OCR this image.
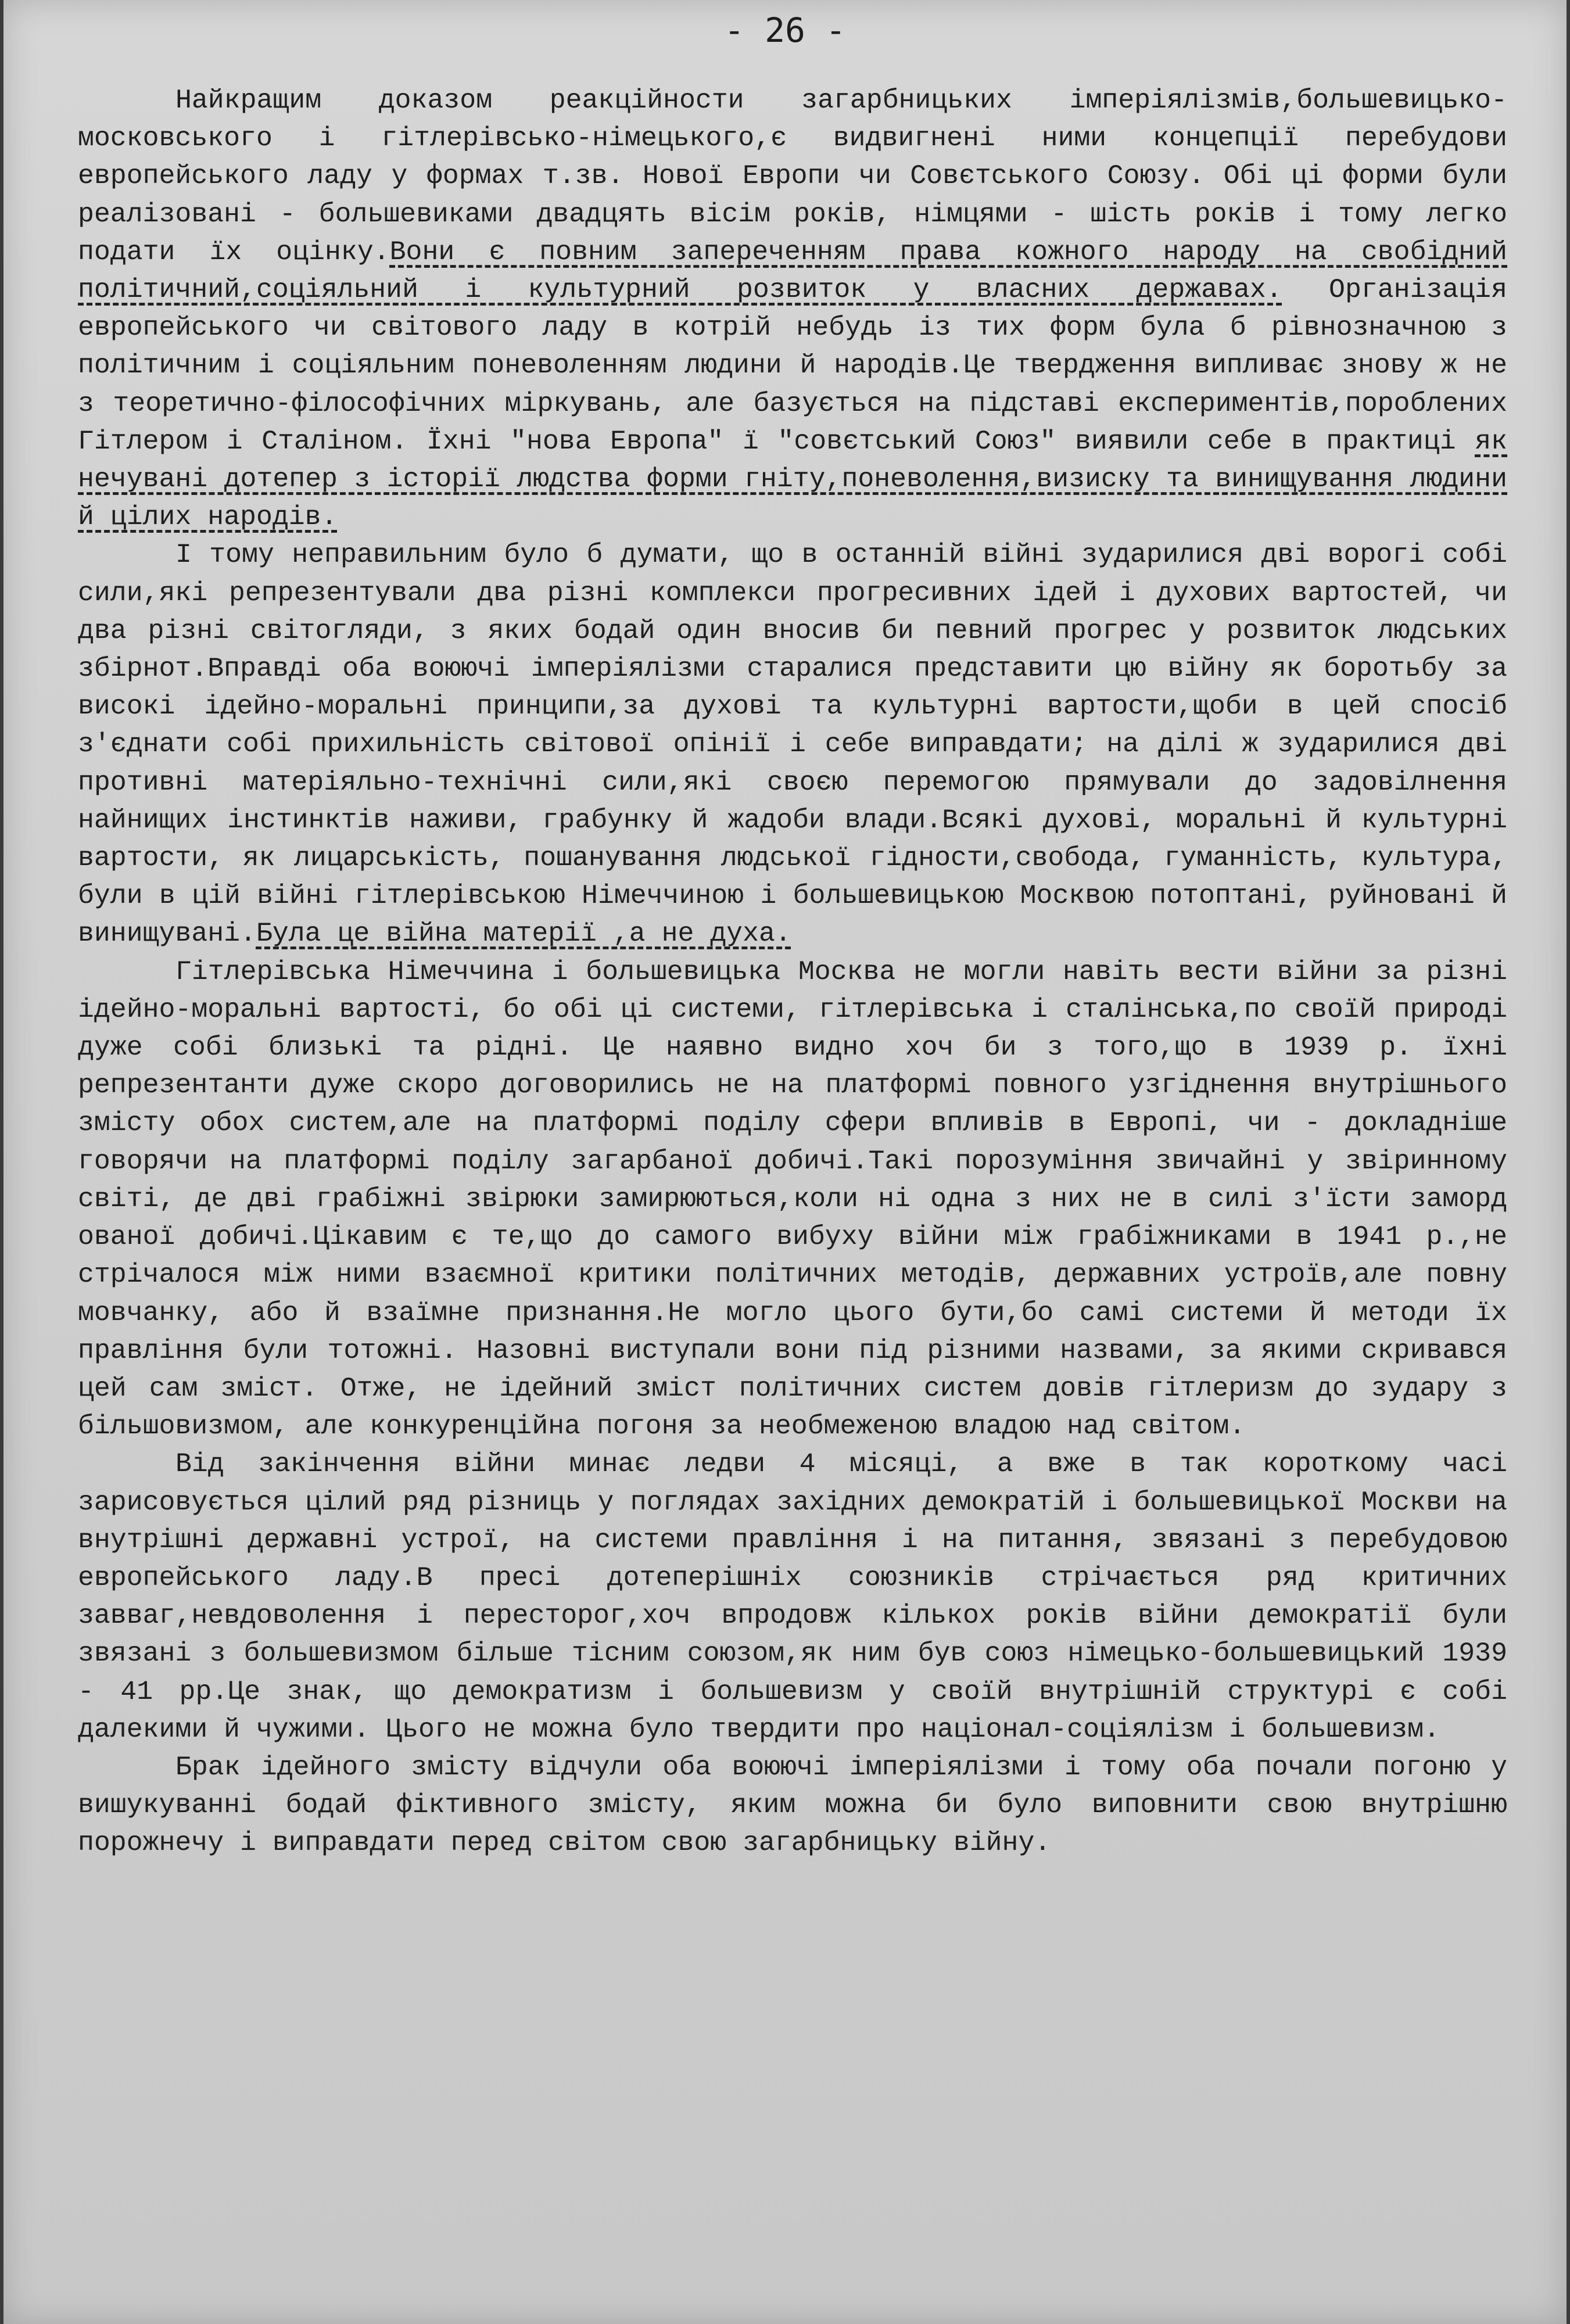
- 26 -

Найкращим доказом реакційности загарбницьких імперіялізмів,большевицько-московського і гітлерівсько-німецького,є видвигнені ними концепції перебудови европейського ладу у формах т.зв. Нової Европи чи Совєтського Союзу. Обі ці форми були реалізовані - большевиками двадцять вісім років, німцями - шість років і тому легко подати їх оцінку.Вони є повним запереченням права кожного народу на свобідний політичний,соціяльний і культурний розвиток у власних державах. Організація европейського чи світового ладу в котрій небудь із тих форм була б рівнозначною з політичним і соціяльним поневоленням людини й народів.Це твердження випливає знову ж не з теоретично-філософічних міркувань, але базується на підставі експериментів,пороблених Гітлером і Сталіном. Їхні "нова Европа" ї "совєтський Союз" виявили себе в практиці як нечувані дотепер з історії людства форми гніту,поневолення,визиску та винищування людини й цілих народів.

І тому неправильним було б думати, що в останній війні зударилися дві ворогі собі сили,які репрезентували два різні комплекси прогресивних ідей і духових вартостей, чи два різні світогляди, з яких бодай один вносив би певний прогрес у розвиток людських збірнот.Вправді оба воюючі імперіялізми старалися представити цю війну як боротьбу за високі ідейно-моральні принципи,за духові та культурні вартости,щоби в цей спосіб з'єднати собі прихильність світової опінії і себе виправдати; на ділі ж зударилися дві противні матеріяльно-технічні сили,які своєю перемогою прямували до задовілнення найнищих інстинктів наживи, грабунку й жадоби влади.Всякі духові, моральні й культурні вартости, як лицарськість, пошанування людської гідности,свобода, гуманність, культура, були в цій війні гітлерівською Німеччиною і большевицькою Москвою потоптані, руйновані й винищувані.Була це війна матерії ,а не духа.

Гітлерівська Німеччина і большевицька Москва не могли навіть вести війни за різні ідейно-моральні вартості, бо обі ці системи, гітлерівська і сталінська,по своїй природі дуже собі близькі та рідні. Це наявно видно хоч би з того,що в 1939 р. їхні репрезентанти дуже скоро договорились не на платформі повного узгіднення внутрішнього змісту обох систем,але на платформі поділу сфери впливів в Европі, чи - докладніше говорячи на платформі поділу загарбаної добичі.Такі порозуміння звичайні у звіринному світі, де дві грабіжні звірюки замирюються,коли ні одна з них не в силі з'їсти заморд ованої добичі.Цікавим є те,що до самого вибуху війни між грабіжниками в 1941 р.,не стрічалося між ними взаємної критики політичних методів, державних устроїв,але повну мовчанку, або й взаїмне признання.Не могло цього бути,бо самі системи й методи їх правління були тотожні. Назовні виступали вони під різними назвами, за якими скривався цей сам зміст. Отже, не ідейний зміст політичних систем довів гітлеризм до зудару з більшовизмом, але конкуренційна погоня за необмеженою владою над світом.

Від закінчення війни минає ледви 4 місяці, а вже в так короткому часі зарисовується цілий ряд різниць у поглядах західних демократій і большевицької Москви на внутрішні державні устрої, на системи правління і на питання, звязані з перебудовою европейського ладу.В пресі дотеперішніх союзників стрічається ряд критичних завваг,невдоволення і пересторог,хоч впродовж кількох років війни демократії були звязані з большевизмом більше тісним союзом,як ним був союз німецько-большевицький 1939 - 41 рр.Це знак, що демократизм і большевизм у своїй внутрішній структурі є собі далекими й чужими. Цього не можна було твердити про націонал-соціялізм і большевизм.

Брак ідейного змісту відчули оба воюючі імперіялізми і тому оба почали погоню у вишукуванні бодай фіктивного змісту, яким можна би було виповнити свою внутрішню порожнечу і виправдати перед світом свою загарбницьку війну.
